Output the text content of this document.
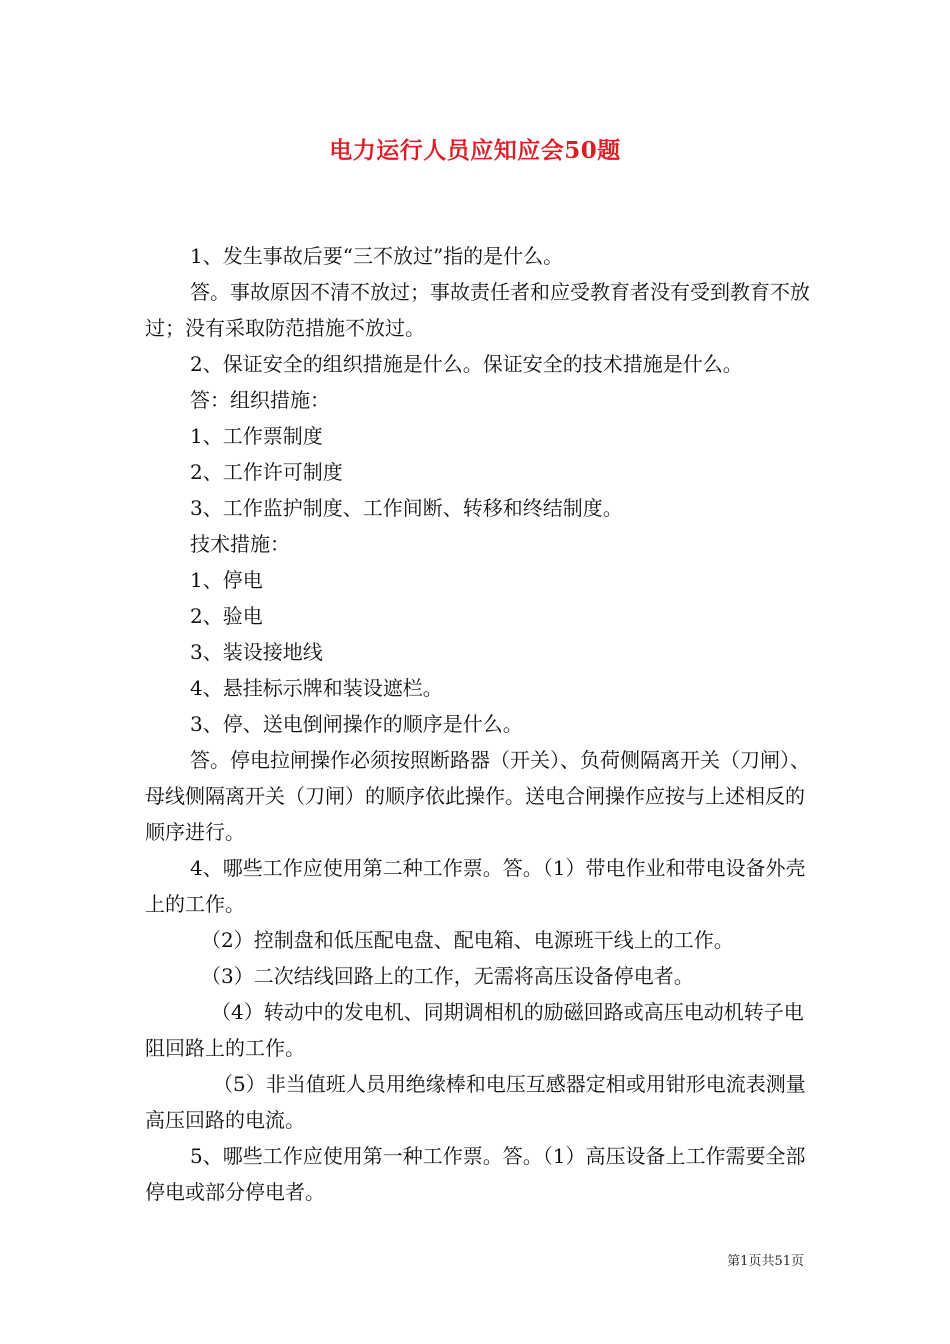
电力运行人员应知应会50题

1、发生事故后要“三不放过”指的是什么。

答。事故原因不清不放过；事故责任者和应受教育者没有受到教育不放过；没有采取防范措施不放过。

2、保证安全的组织措施是什么。保证安全的技术措施是什么。

答：组织措施：

1、工作票制度

2、工作许可制度

3、工作监护制度、工作间断、转移和终结制度。

技术措施：

1、停电

2、验电

3、装设接地线

4、悬挂标示牌和装设遮栏。

3、停、送电倒闸操作的顺序是什么。

答。停电拉闸操作必须按照断路器（开关）、负荷侧隔离开关（刀闸）、母线侧隔离开关（刀闸）的顺序依此操作。送电合闸操作应按与上述相反的顺序进行。

4、哪些工作应使用第二种工作票。答。（1）带电作业和带电设备外壳上的工作。

（2）控制盘和低压配电盘、配电箱、电源班干线上的工作。

（3）二次结线回路上的工作，无需将高压设备停电者。

（4）转动中的发电机、同期调相机的励磁回路或高压电动机转子电阻回路上的工作。

（5）非当值班人员用绝缘棒和电压互感器定相或用钳形电流表测量高压回路的电流。

5、哪些工作应使用第一种工作票。答。（1）高压设备上工作需要全部停电或部分停电者。

第1页共51页
